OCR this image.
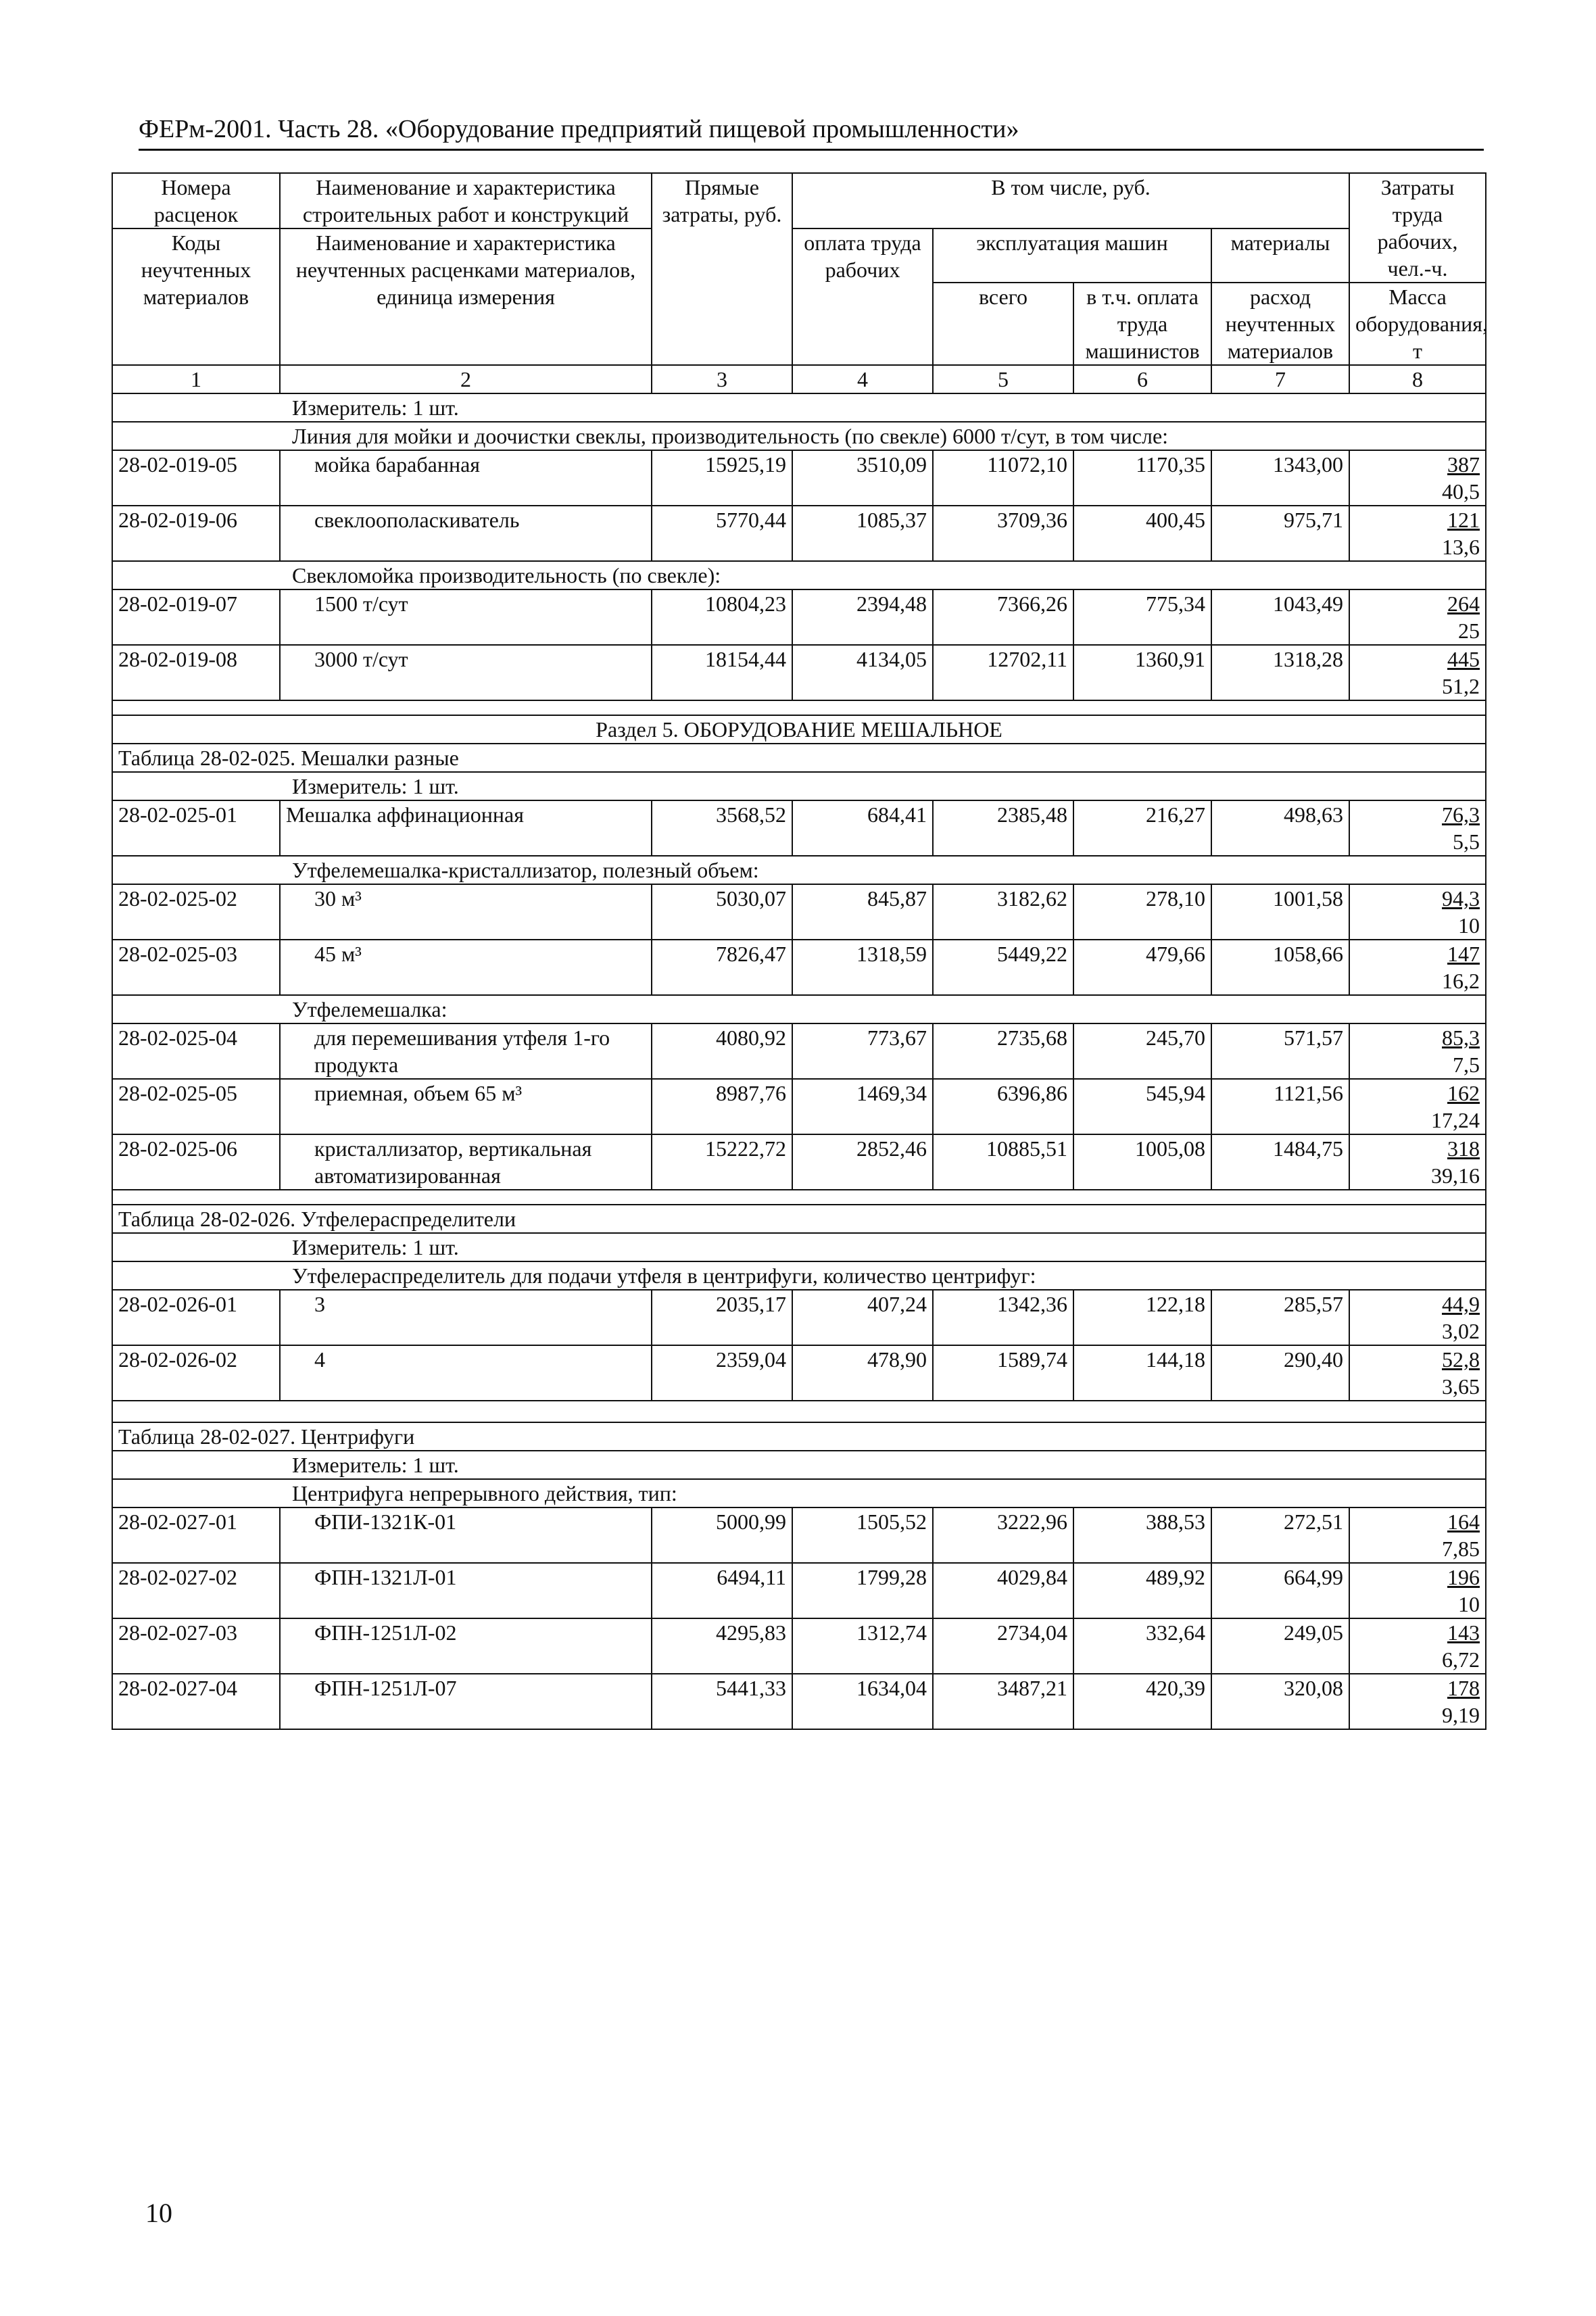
ФЕРм-2001. Часть 28. «Оборудование предприятий пищевой промышленности»
Номера расценок	Наименование и характеристика строительных работ и конструкций	Прямые затраты, руб.	В том числе, руб.				Затраты труда рабочих, чел.-ч.
Коды неучтенных материалов	Наименование и характеристика неучтенных расценками материалов, единица измерения		оплата труда рабочих	эксплуатация машин		материалы	
				всего	в т.ч. оплата труда машинистов	расход неучтенных материалов	Масса оборудования, т
1	2	3	4	5	6	7	8
Измеритель: 1 шт.							
Линия для мойки и доочистки свеклы, производительность (по свекле) 6000 т/сут, в том числе:							
28-02-019-05	мойка барабанная	15925,19	3510,09	11072,10	1170,35	1343,00	387
40,5

28-02-019-06	свеклоополаскиватель	5770,44	1085,37	3709,36	400,45	975,71	121
13,6

Свекломойка производительность (по свекле):							
28-02-019-07	1500 т/сут	10804,23	2394,48	7366,26	775,34	1043,49	264
25

28-02-019-08	3000 т/сут	18154,44	4134,05	12702,11	1360,91	1318,28	445
51,2

Раздел 5. ОБОРУДОВАНИЕ МЕШАЛЬНОЕ							
Таблица 28-02-025. Мешалки разные							
Измеритель: 1 шт.							
28-02-025-01	Мешалка аффинационная	3568,52	684,41	2385,48	216,27	498,63	76,3
5,5

Утфелемешалка-кристаллизатор, полезный объем:							
28-02-025-02	30 м³	5030,07	845,87	3182,62	278,10	1001,58	94,3
10

28-02-025-03	45 м³	7826,47	1318,59	5449,22	479,66	1058,66	147
16,2

Утфелемешалка:							
28-02-025-04	для перемешивания утфеля 1-го продукта	4080,92	773,67	2735,68	245,70	571,57	85,3
7,5

28-02-025-05	приемная, объем 65 м³	8987,76	1469,34	6396,86	545,94	1121,56	162
17,24

28-02-025-06	кристаллизатор, вертикальная автоматизированная	15222,72	2852,46	10885,51	1005,08	1484,75	318
39,16

Таблица 28-02-026. Утфелераспределители							
Измеритель: 1 шт.							
Утфелераспределитель для подачи утфеля в центрифуги, количество центрифуг:							
28-02-026-01	3	2035,17	407,24	1342,36	122,18	285,57	44,9
3,02

28-02-026-02	4	2359,04	478,90	1589,74	144,18	290,40	52,8
3,65

Таблица 28-02-027. Центрифуги							
Измеритель: 1 шт.							
Центрифуга непрерывного действия, тип:							
28-02-027-01	ФПИ-1321К-01	5000,99	1505,52	3222,96	388,53	272,51	164
7,85

28-02-027-02	ФПН-1321Л-01	6494,11	1799,28	4029,84	489,92	664,99	196
10

28-02-027-03	ФПН-1251Л-02	4295,83	1312,74	2734,04	332,64	249,05	143
6,72

28-02-027-04	ФПН-1251Л-07	5441,33	1634,04	3487,21	420,39	320,08	178
9,19
10
